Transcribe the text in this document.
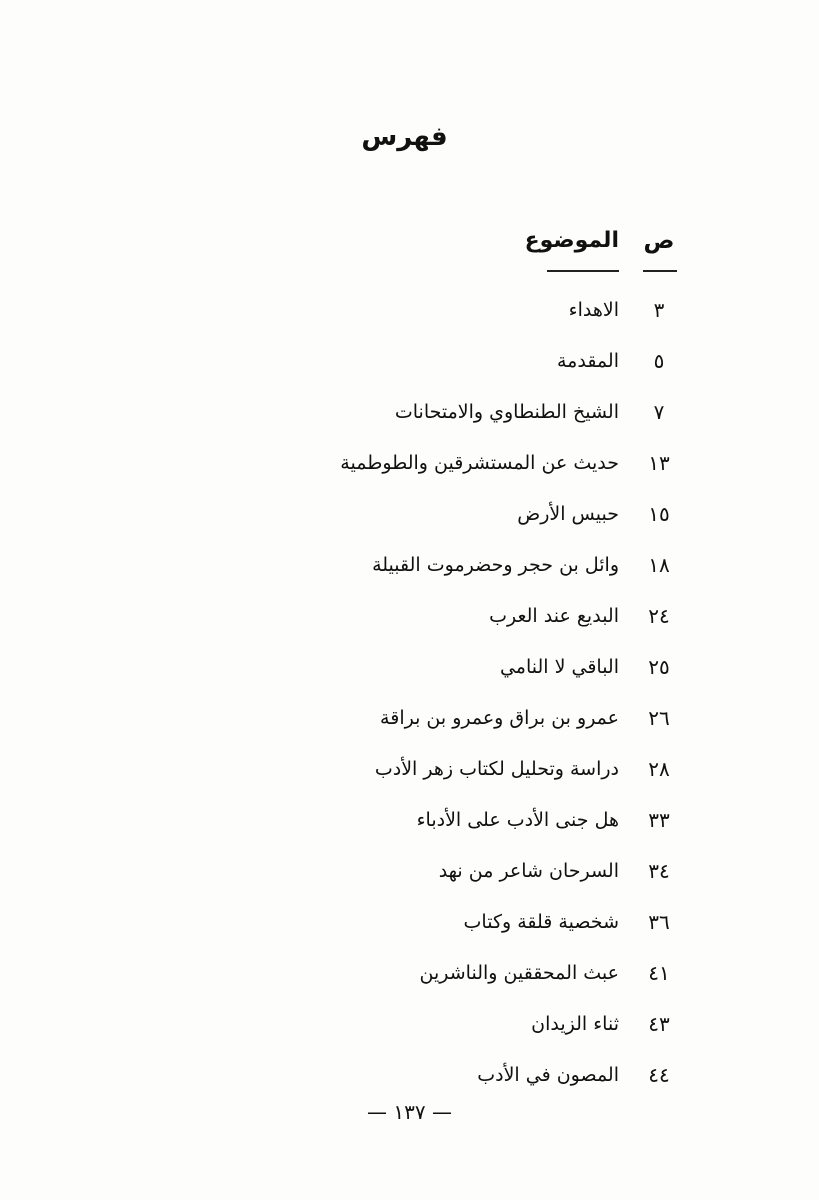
فهرس
ص
الموضوع
٣
الاهداء
٥
المقدمة
٧
الشيخ الطنطاوي والامتحانات
١٣
حديث عن المستشرقين والطوطمية
١٥
حبيس الأرض
١٨
وائل بن حجر وحضرموت القبيلة
٢٤
البديع عند العرب
٢٥
الباقي لا النامي
٢٦
عمرو بن براق وعمرو بن براقة
٢٨
دراسة وتحليل لكتاب زهر الأدب
٣٣
هل جنى الأدب على الأدباء
٣٤
السرحان شاعر من نهد
٣٦
شخصية قلقة وكتاب
٤١
عبث المحققين والناشرين
٤٣
ثناء الزيدان
٤٤
المصون في الأدب
— ١٣٧ —
